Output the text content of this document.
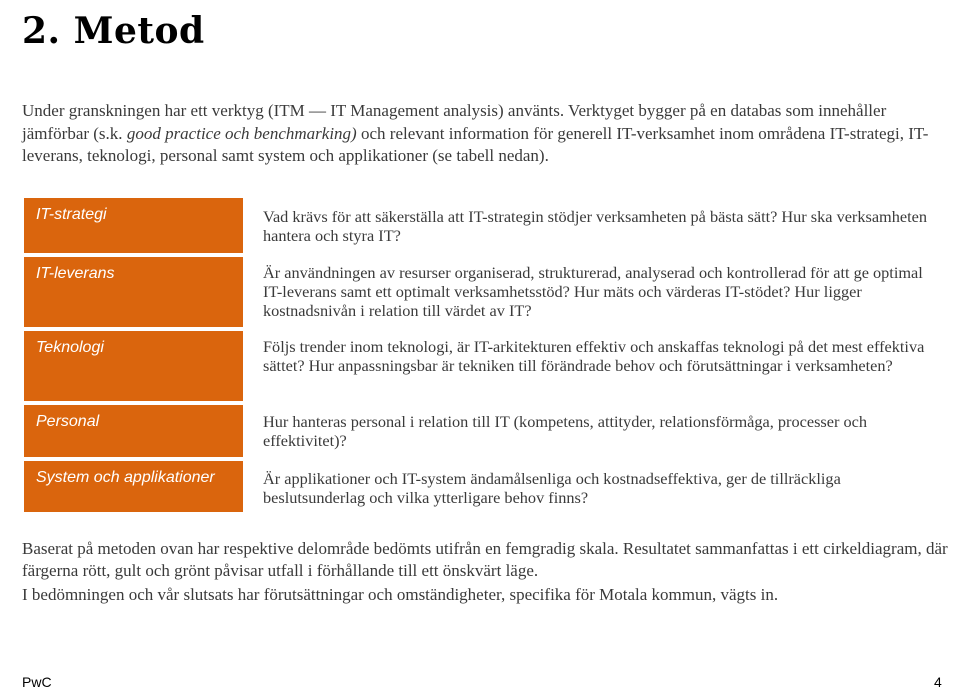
2. Metod
Under granskningen har ett verktyg (ITM — IT Management analysis) använts. Verktyget bygger på en databas som innehåller jämförbar (s.k. good practice och benchmarking) och relevant information för generell IT-verksamhet inom områdena IT-strategi, IT-leverans, teknologi, personal samt system och applikationer (se tabell nedan).
IT-strategi
IT-leverans
Teknologi
Personal
System och applikationer
Vad krävs för att säkerställa att IT-strategin stödjer verksamheten på bästa sätt? Hur ska verksamheten hantera och styra IT?
Är användningen av resurser organiserad, strukturerad, analyserad och kontrollerad för att ge optimal IT-leverans samt ett optimalt verksamhetsstöd? Hur mäts och värderas IT-stödet? Hur ligger kostnadsnivån i relation till värdet av IT?
Följs trender inom teknologi, är IT-arkitekturen effektiv och anskaffas teknologi på det mest effektiva sättet? Hur anpassningsbar är tekniken till förändrade behov och förutsättningar i verksamheten?
Hur hanteras personal i relation till IT (kompetens, attityder, relationsförmåga, processer och effektivitet)?
Är applikationer och IT-system ändamålsenliga och kostnadseffektiva, ger de tillräckliga beslutsunderlag och vilka ytterligare behov finns?
Baserat på metoden ovan har respektive delområde bedömts utifrån en femgradig skala. Resultatet sammanfattas i ett cirkeldiagram, där färgerna rött, gult och grönt påvisar utfall i förhållande till ett önskvärt läge.
I bedömningen och vår slutsats har förutsättningar och omständigheter, specifika för Motala kommun, vägts in.
PwC	4
